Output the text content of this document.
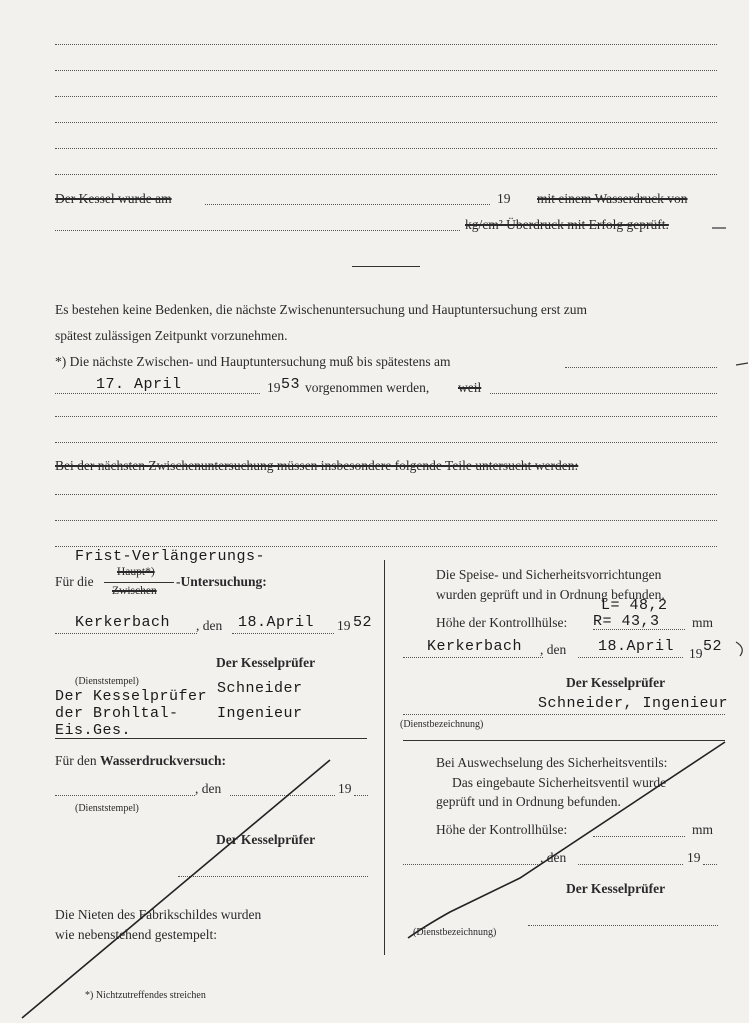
Der Kessel wurde am	19 mit einem Wasserdruck von
kg/cm² Überdruck mit Erfolg geprüft.
Es bestehen keine Bedenken, die nächste Zwischenuntersuchung und Hauptuntersuchung erst zum
spätest zulässigen Zeitpunkt vorzunehmen.
*) Die nächste Zwischen- und Hauptuntersuchung muß bis spätestens am
17. April	19 53 vorgenommen werden, weil
Bei der nächsten Zwischenuntersuchung müssen insbesondere folgende Teile untersucht werden:
Frist-Verlängerungs-
Für die
Haupt*)
Zwischen
-Untersuchung:
Kerkerbach , den 18.April 19 52
Der Kesselprüfer
(Dienststempel)
Der Kesselprüfer
der Brohltal-
Eis.Ges.
Schneider
Ingenieur
Für den Wasserdruckversuch:
, den	19
(Dienststempel)
Der Kesselprüfer
Die Nieten des Fabrikschildes wurden
wie nebenstehend gestempelt:
Die Speise- und Sicherheitsvorrichtungen
wurden geprüft und in Ordnung befunden.
L= 48,2
Höhe der Kontrollhülse: R= 43,3 mm
Kerkerbach , den 18.April 19 52
Der Kesselprüfer
Schneider, Ingenieur
(Dienstbezeichnung)
Bei Auswechselung des Sicherheitsventils:
Das eingebaute Sicherheitsventil wurde
geprüft und in Ordnung befunden.
Höhe der Kontrollhülse:	mm
, den	19
Der Kesselprüfer
(Dienstbezeichnung)
*) Nichtzutreffendes streichen
